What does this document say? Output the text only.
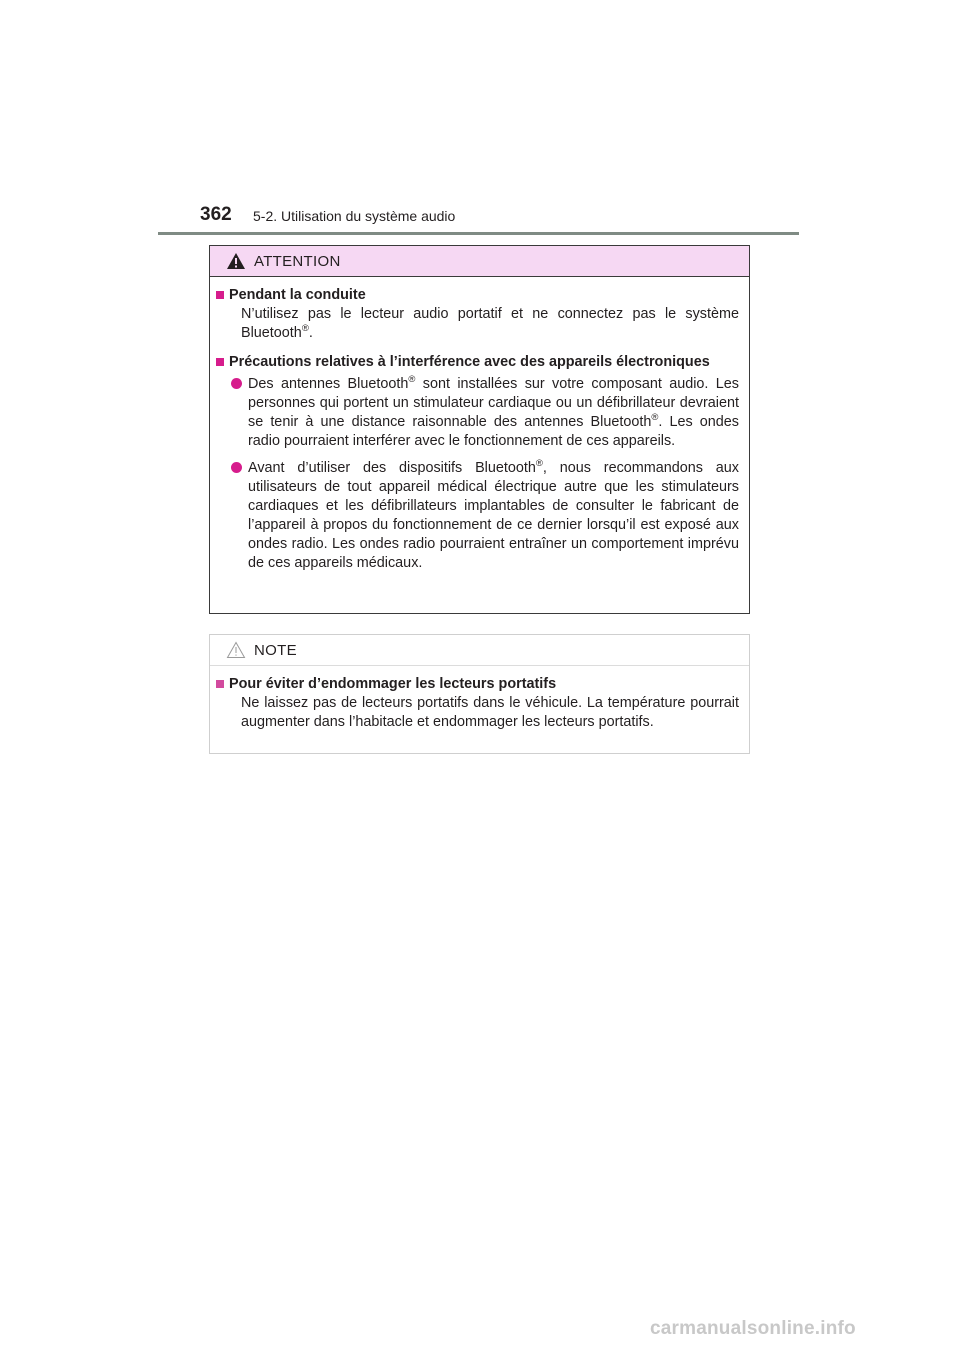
362 5-2. Utilisation du système audio
ATTENTION
Pendant la conduite
N’utilisez pas le lecteur audio portatif et ne connectez pas le système Bluetooth®.
Précautions relatives à l’interférence avec des appareils électroniques
Des antennes Bluetooth® sont installées sur votre composant audio. Les personnes qui portent un stimulateur cardiaque ou un défibrillateur devraient se tenir à une distance raisonnable des antennes Bluetooth®. Les ondes radio pourraient interférer avec le fonctionnement de ces appareils.
Avant d’utiliser des dispositifs Bluetooth®, nous recommandons aux utilisateurs de tout appareil médical électrique autre que les stimulateurs cardiaques et les défibrillateurs implantables de consulter le fabricant de l’appareil à propos du fonctionnement de ce dernier lorsqu’il est exposé aux ondes radio. Les ondes radio pourraient entraîner un comportement imprévu de ces appareils médicaux.
NOTE
Pour éviter d’endommager les lecteurs portatifs
Ne laissez pas de lecteurs portatifs dans le véhicule. La température pourrait augmenter dans l’habitacle et endommager les lecteurs portatifs.
carmanualsonline.info
